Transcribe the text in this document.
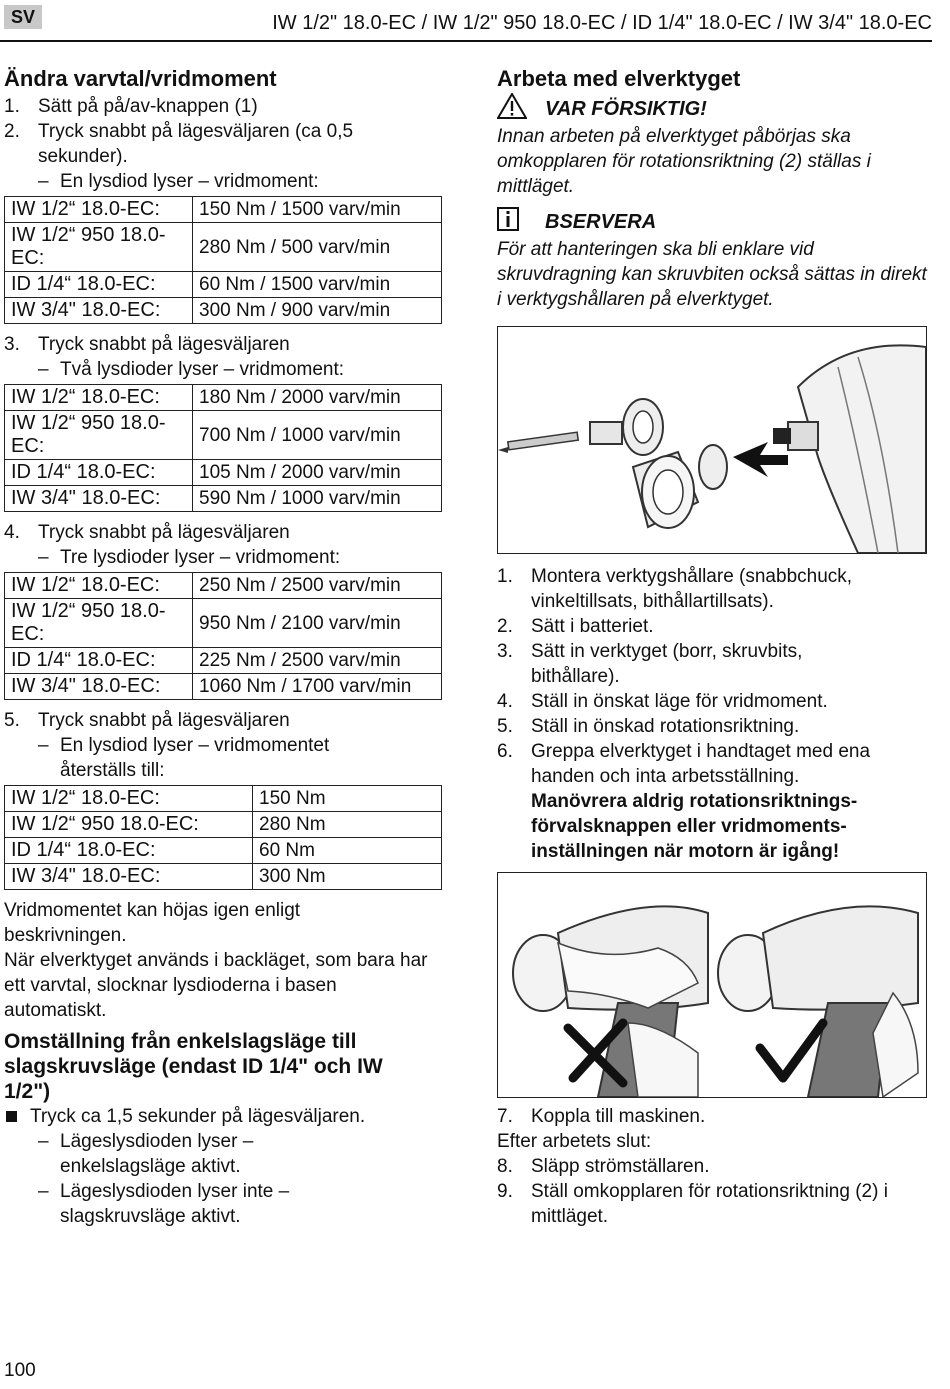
SV	IW 1/2" 18.0-EC / IW 1/2" 950 18.0-EC / ID 1/4" 18.0-EC / IW 3/4" 18.0-EC
Ändra varvtal/vridmoment
1. Sätt på på/av-knappen (1)
2. Tryck snabbt på lägesväljaren (ca 0,5 sekunder).
– En lysdiod lyser – vridmoment:
IW 1/2“ 18.0-EC:	150 Nm / 1500 varv/min
IW 1/2“ 950 18.0-EC:	280 Nm / 500 varv/min
ID 1/4“ 18.0-EC:	60 Nm / 1500 varv/min
IW 3/4" 18.0-EC:	300 Nm / 900 varv/min
3. Tryck snabbt på lägesväljaren
– Två lysdioder lyser – vridmoment:
IW 1/2“ 18.0-EC:	180 Nm / 2000 varv/min
IW 1/2“ 950 18.0-EC:	700 Nm / 1000 varv/min
ID 1/4“ 18.0-EC:	105 Nm / 2000 varv/min
IW 3/4" 18.0-EC:	590 Nm / 1000 varv/min
4. Tryck snabbt på lägesväljaren
– Tre lysdioder lyser – vridmoment:
IW 1/2“ 18.0-EC:	250 Nm / 2500 varv/min
IW 1/2“ 950 18.0-EC:	950 Nm / 2100 varv/min
ID 1/4“ 18.0-EC:	225 Nm / 2500 varv/min
IW 3/4" 18.0-EC:	1060 Nm / 1700 varv/min
5. Tryck snabbt på lägesväljaren
– En lysdiod lyser – vridmomentet återställs till:
IW 1/2“ 18.0-EC:	150 Nm
IW 1/2“ 950 18.0-EC:	280 Nm
ID 1/4“ 18.0-EC:	60 Nm
IW 3/4" 18.0-EC:	300 Nm

Vridmomentet kan höjas igen enligt beskrivningen.

När elverktyget används i backläget, som bara har ett varvtal, slocknar lysdioderna i basen automatiskt.

Omställning från enkelslagsläge till slagskruvsläge (endast ID 1/4" och IW 1/2")
Tryck ca 1,5 sekunder på lägesväljaren.
– Lägeslysdioden lyser – enkelslagsläge aktivt.
– Lägeslysdioden lyser inte – slagskruvsläge aktivt.
Arbeta med elverktyget
VAR FÖRSIKTIG!
Innan arbeten på elverktyget påbörjas ska omkopplaren för rotationsriktning (2) ställas i mittläget.
BSERVERA
För att hanteringen ska bli enklare vid skruvdragning kan skruvbiten också sättas in direkt i verktygshållaren på elverktyget.
1. Montera verktygshållare (snabbchuck, vinkeltillsats, bithållartillsats).
2. Sätt i batteriet.
3. Sätt in verktyget (borr, skruvbits, bithållare).
4. Ställ in önskat läge för vridmoment.
5. Ställ in önskad rotationsriktning.
6. Greppa elverktyget i handtaget med ena handen och inta arbetsställning.
Manövrera aldrig rotationsriktnings-förvalsknappen eller vridmoments-inställningen när motorn är igång!
7. Koppla till maskinen.

Efter arbetets slut:

8. Släpp strömställaren.
9. Ställ omkopplaren för rotationsriktning (2) i mittläget.
100
